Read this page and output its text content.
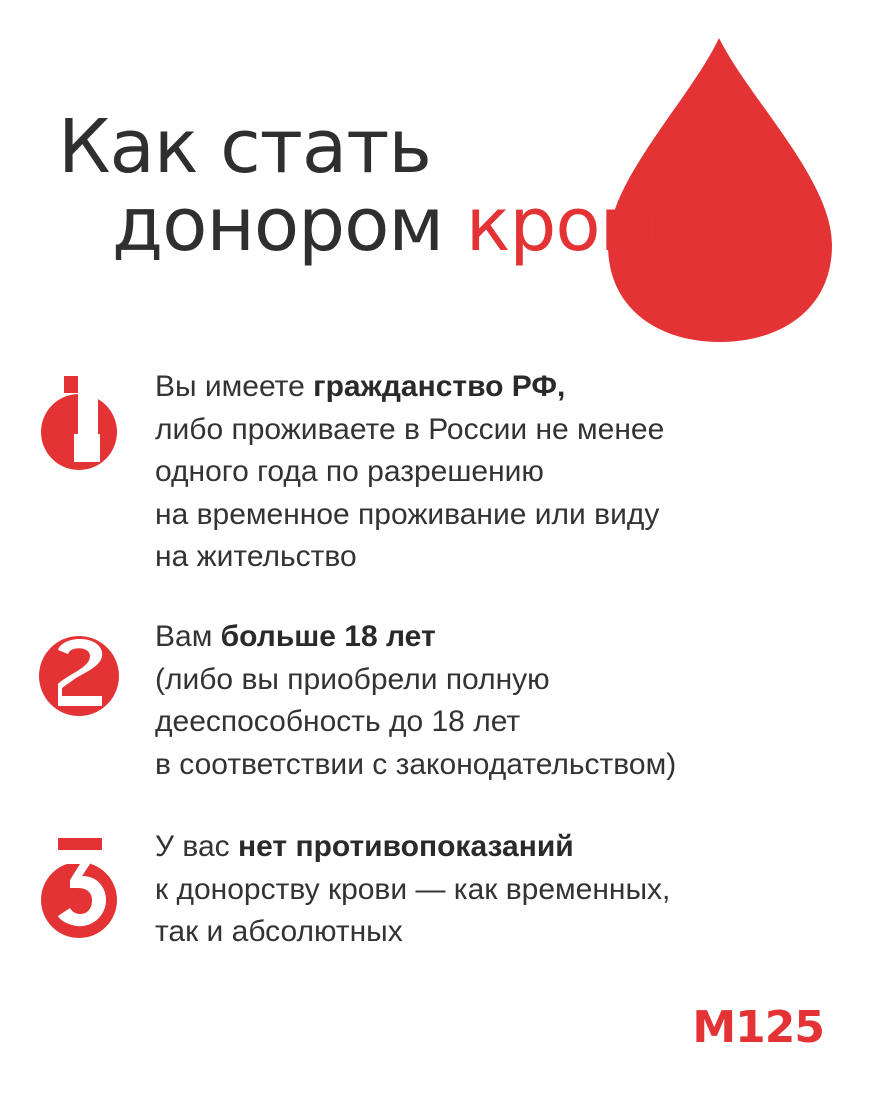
Как стать
донором крови

Вы имеете гражданство РФ,
либо проживаете в России не менее
одного года по разрешению
на временное проживание или виду
на жительство

Вам больше 18 лет
(либо вы приобрели полную
дееспособность до 18 лет
в соответствии с законодательством)

У вас нет противопоказаний
к донорству крови — как временных,
так и абсолютных

М125
